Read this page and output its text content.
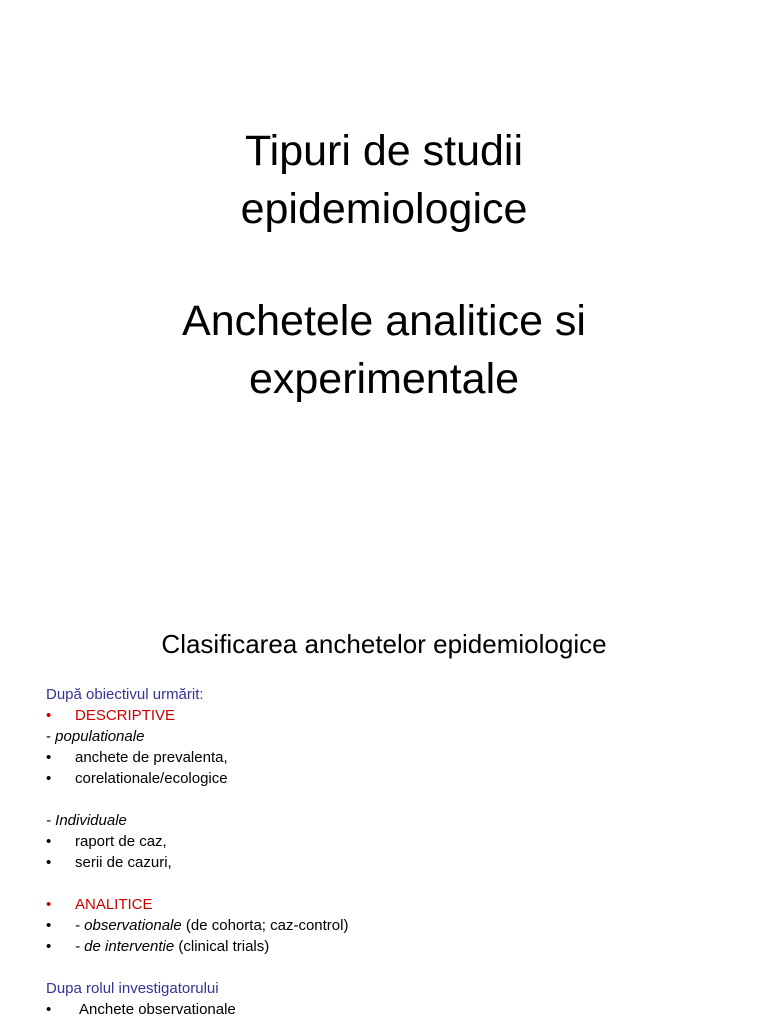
Tipuri de studii
epidemiologice
Anchetele analitice si
experimentale
Clasificarea anchetelor epidemiologice
După obiectivul urmărit:
• DESCRIPTIVE
- populationale
• anchete de prevalenta,
• corelationale/ecologice
- Individuale
• raport de caz,
• serii de cazuri,
• ANALITICE
• - observationale (de cohorta; caz-control)
• - de interventie (clinical trials)
Dupa rolul investigatorului
• Anchete observationale
